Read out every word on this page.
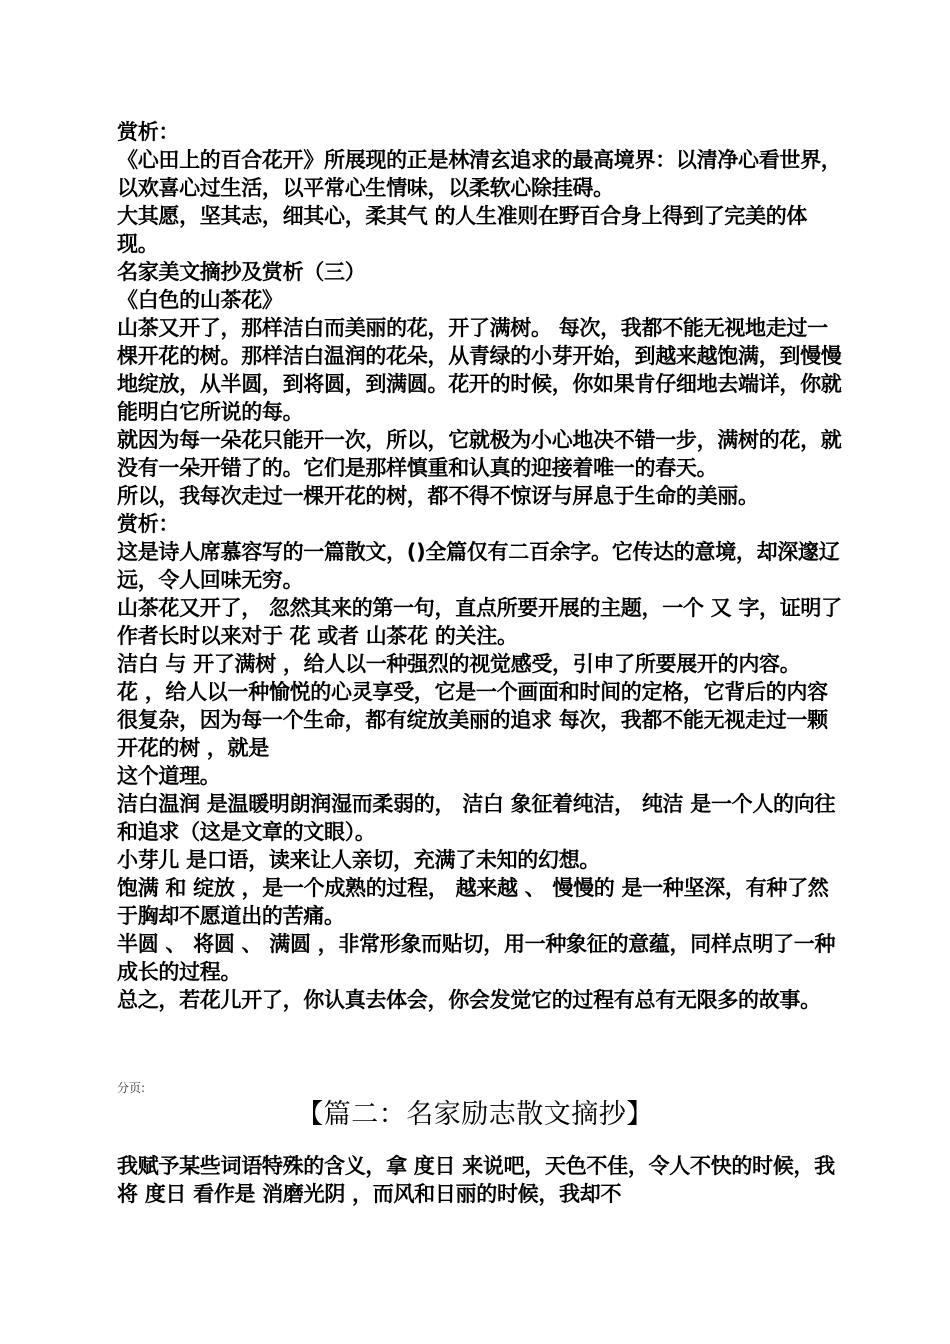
赏析：

《心田上的百合花开》所展现的正是林清玄追求的最高境界：以清净心看世界，以欢喜心过生活，以平常心生情味，以柔软心除挂碍。

大其愿，坚其志，细其心，柔其气 的人生准则在野百合身上得到了完美的体现。

名家美文摘抄及赏析（三）

《白色的山茶花》

山茶又开了，那样洁白而美丽的花，开了满树。 每次，我都不能无视地走过一棵开花的树。那样洁白温润的花朵，从青绿的小芽开始，到越来越饱满，到慢慢地绽放，从半圆，到将圆，到满圆。花开的时候，你如果肯仔细地去端详，你就能明白它所说的每。

就因为每一朵花只能开一次，所以，它就极为小心地决不错一步，满树的花，就没有一朵开错了的。它们是那样慎重和认真的迎接着唯一的春天。

所以，我每次走过一棵开花的树，都不得不惊讶与屏息于生命的美丽。

赏析：

这是诗人席慕容写的一篇散文，()全篇仅有二百余字。它传达的意境，却深邃辽远，令人回味无穷。

山茶花又开了， 忽然其来的第一句，直点所要开展的主题，一个 又 字，证明了作者长时以来对于 花 或者 山茶花 的关注。

洁白 与 开了满树 ，给人以一种强烈的视觉感受，引申了所要展开的内容。

花 ，给人以一种愉悦的心灵享受，它是一个画面和时间的定格，它背后的内容很复杂，因为每一个生命，都有绽放美丽的追求 每次，我都不能无视走过一颗开花的树 ，就是

这个道理。

洁白温润 是温暖明朗润湿而柔弱的， 洁白 象征着纯洁， 纯洁 是一个人的向往和追求（这是文章的文眼）。

小芽儿 是口语，读来让人亲切，充满了未知的幻想。

饱满 和 绽放 ，是一个成熟的过程， 越来越 、 慢慢的 是一种坚深，有种了然于胸却不愿道出的苦痛。

半圆 、 将圆 、 满圆 ，非常形象而贴切，用一种象征的意蕴，同样点明了一种成长的过程。

总之，若花儿开了，你认真去体会，你会发觉它的过程有总有无限多的故事。

分页:
【篇二：名家励志散文摘抄】

我赋予某些词语特殊的含义，拿 度日 来说吧，天色不佳，令人不快的时候，我将 度日 看作是 消磨光阴 ，而风和日丽的时候，我却不
